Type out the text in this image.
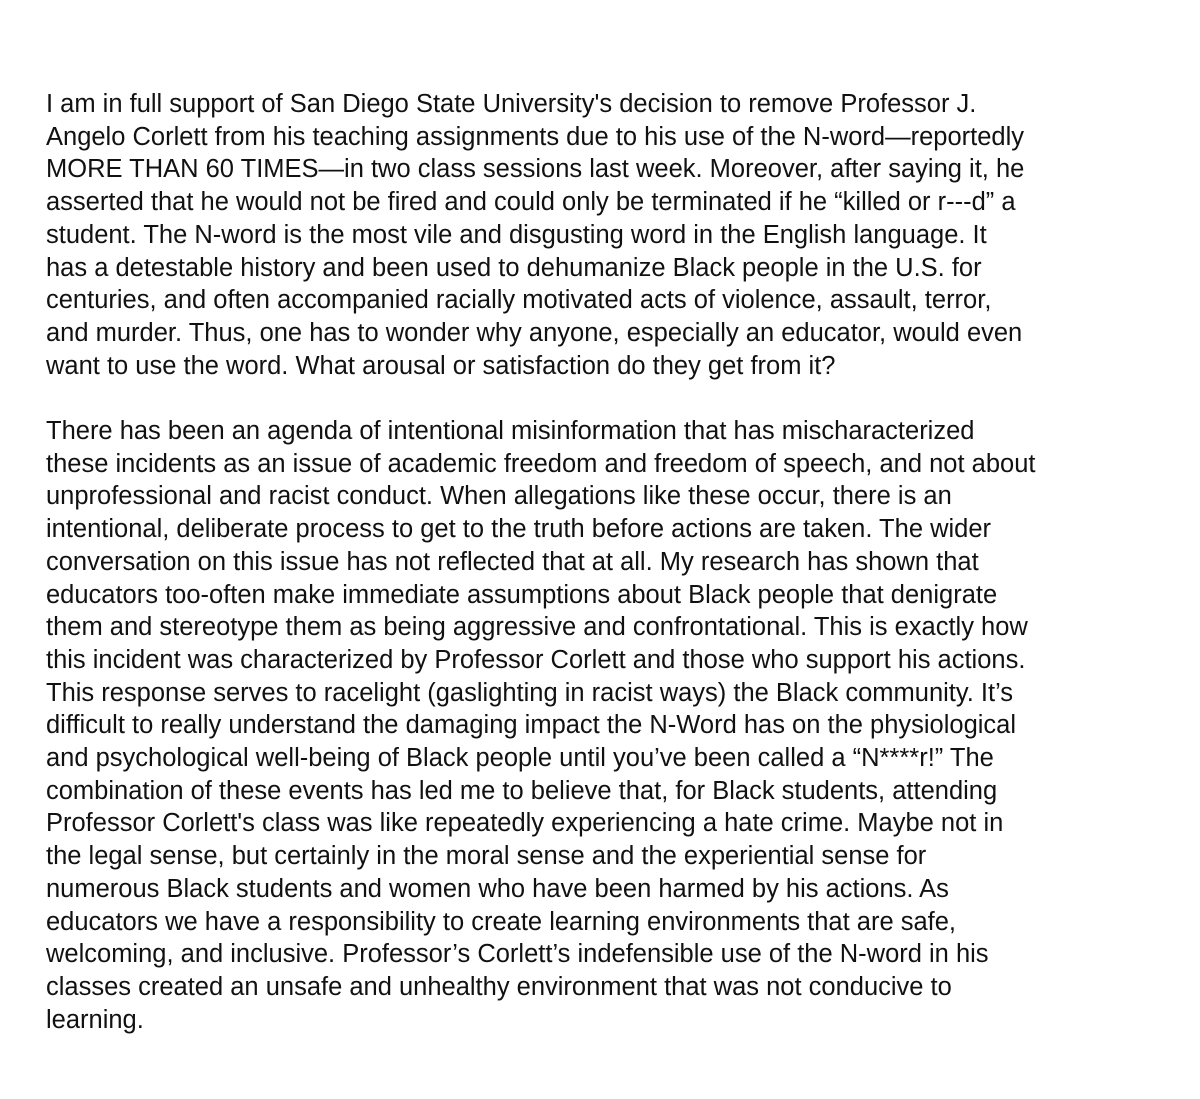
I am in full support of San Diego State University's decision to remove Professor J.
Angelo Corlett from his teaching assignments due to his use of the N-word—reportedly
MORE THAN 60 TIMES—in two class sessions last week. Moreover, after saying it, he
asserted that he would not be fired and could only be terminated if he “killed or r---d” a
student. The N-word is the most vile and disgusting word in the English language. It
has a detestable history and been used to dehumanize Black people in the U.S. for
centuries, and often accompanied racially motivated acts of violence, assault, terror,
and murder. Thus, one has to wonder why anyone, especially an educator, would even
want to use the word. What arousal or satisfaction do they get from it?

There has been an agenda of intentional misinformation that has mischaracterized
these incidents as an issue of academic freedom and freedom of speech, and not about
unprofessional and racist conduct. When allegations like these occur, there is an
intentional, deliberate process to get to the truth before actions are taken. The wider
conversation on this issue has not reflected that at all. My research has shown that
educators too-often make immediate assumptions about Black people that denigrate
them and stereotype them as being aggressive and confrontational. This is exactly how
this incident was characterized by Professor Corlett and those who support his actions.
This response serves to racelight (gaslighting in racist ways) the Black community. It’s
difficult to really understand the damaging impact the N-Word has on the physiological
and psychological well-being of Black people until you’ve been called a “N****r!” The
combination of these events has led me to believe that, for Black students, attending
Professor Corlett's class was like repeatedly experiencing a hate crime. Maybe not in
the legal sense, but certainly in the moral sense and the experiential sense for
numerous Black students and women who have been harmed by his actions. As
educators we have a responsibility to create learning environments that are safe,
welcoming, and inclusive. Professor’s Corlett’s indefensible use of the N-word in his
classes created an unsafe and unhealthy environment that was not conducive to
learning.
